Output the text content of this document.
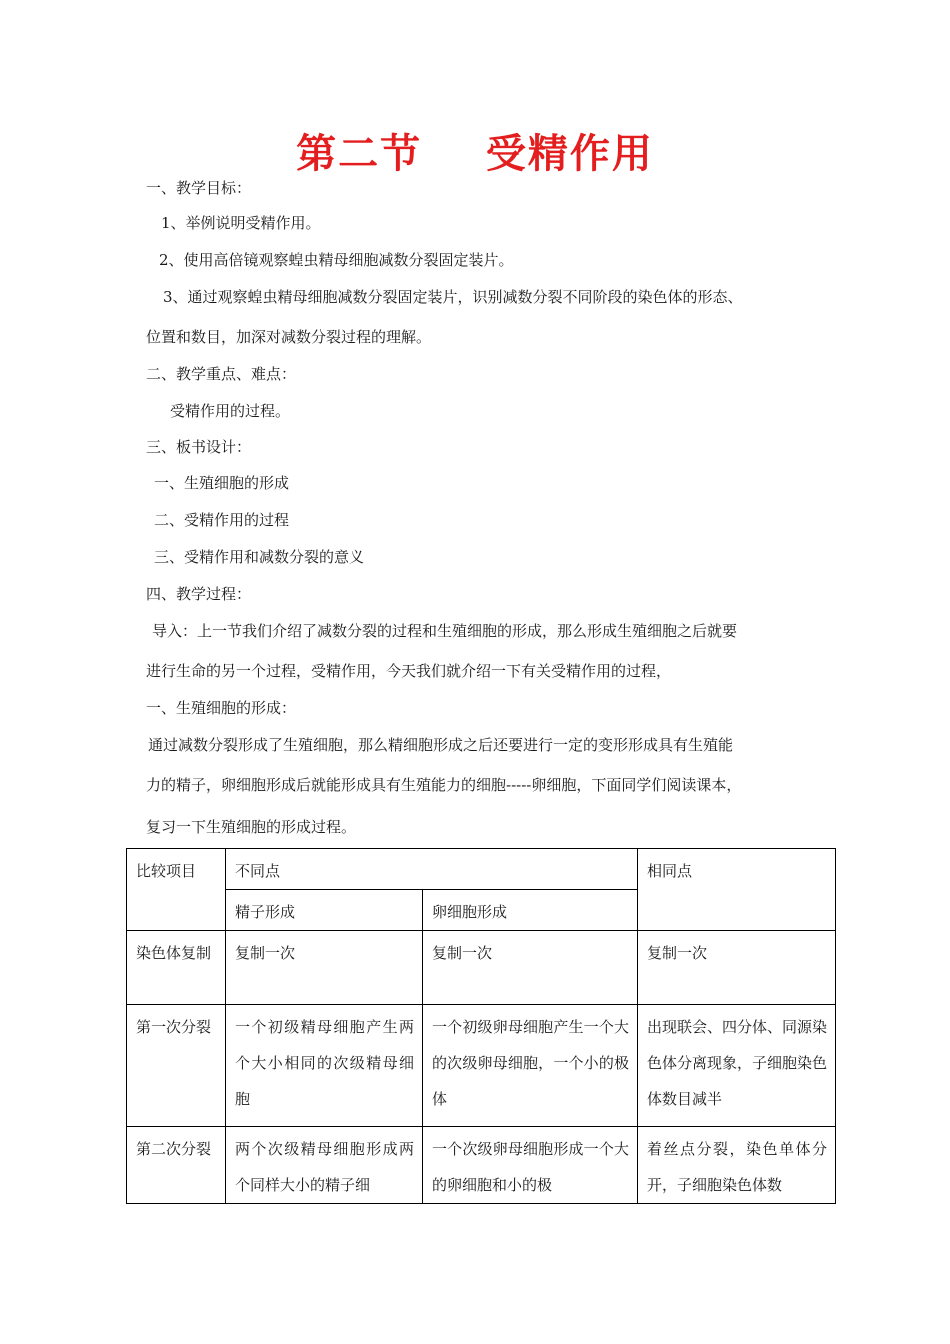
第二节    受精作用
一、教学目标：
1、举例说明受精作用。
2、使用高倍镜观察蝗虫精母细胞减数分裂固定装片。
3、通过观察蝗虫精母细胞减数分裂固定装片，识别减数分裂不同阶段的染色体的形态、
位置和数目，加深对减数分裂过程的理解。
二、教学重点、难点：
受精作用的过程。
三、板书设计：
一、生殖细胞的形成
二、受精作用的过程
三、受精作用和减数分裂的意义
四、教学过程：
导入：上一节我们介绍了减数分裂的过程和生殖细胞的形成，那么形成生殖细胞之后就要
进行生命的另一个过程，受精作用，今天我们就介绍一下有关受精作用的过程，
一、生殖细胞的形成：
通过减数分裂形成了生殖细胞，那么精细胞形成之后还要进行一定的变形形成具有生殖能
力的精子，卵细胞形成后就能形成具有生殖能力的细胞-----卵细胞，下面同学们阅读课本，
复习一下生殖细胞的形成过程。
比较项目	不同点		相同点
	精子形成	卵细胞形成	
染色体复制	复制一次	复制一次	复制一次
第一次分裂	一个初级精母细胞产生两个大小相同的次级精母细胞	一个初级卵母细胞产生一个大的次级卵母细胞，一个小的极体	出现联会、四分体、同源染色体分离现象，子细胞染色体数目减半
第二次分裂	两个次级精母细胞形成两个同样大小的精子细	一个次级卵母细胞形成一个大的卵细胞和小的极	着丝点分裂，染色单体分开，子细胞染色体数
